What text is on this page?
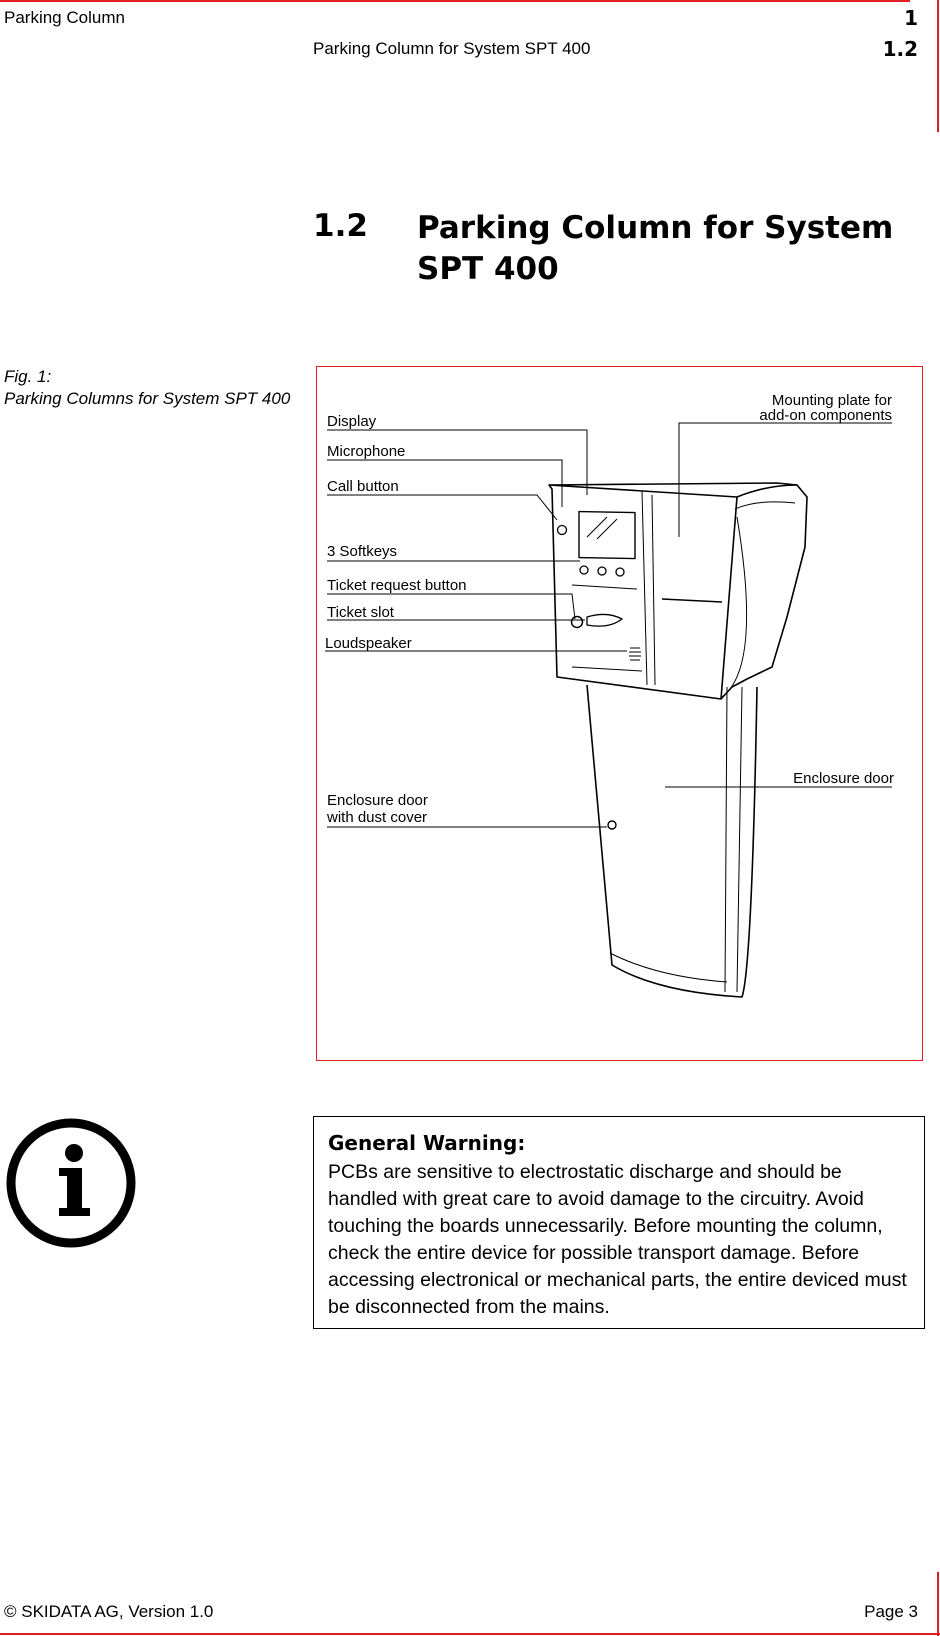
Parking Column	1
Parking Column for System SPT 400	1.2
1.2 Parking Column for System SPT 400
Fig. 1:
Parking Columns for System SPT 400
Display
Microphone
Call button
3 Softkeys
Ticket request button
Ticket slot
Loudspeaker
Mounting plate for
add-on components
Enclosure door
Enclosure door
with dust cover
General Warning:
PCBs are sensitive to electrostatic discharge and should be handled with great care to avoid damage to the circuitry. Avoid touching the boards unnecessarily. Before mounting the column, check the entire device for possible transport damage. Before accessing electronical or mechanical parts, the entire deviced must be disconnected from the mains.
© SKIDATA AG, Version 1.0	Page 3
